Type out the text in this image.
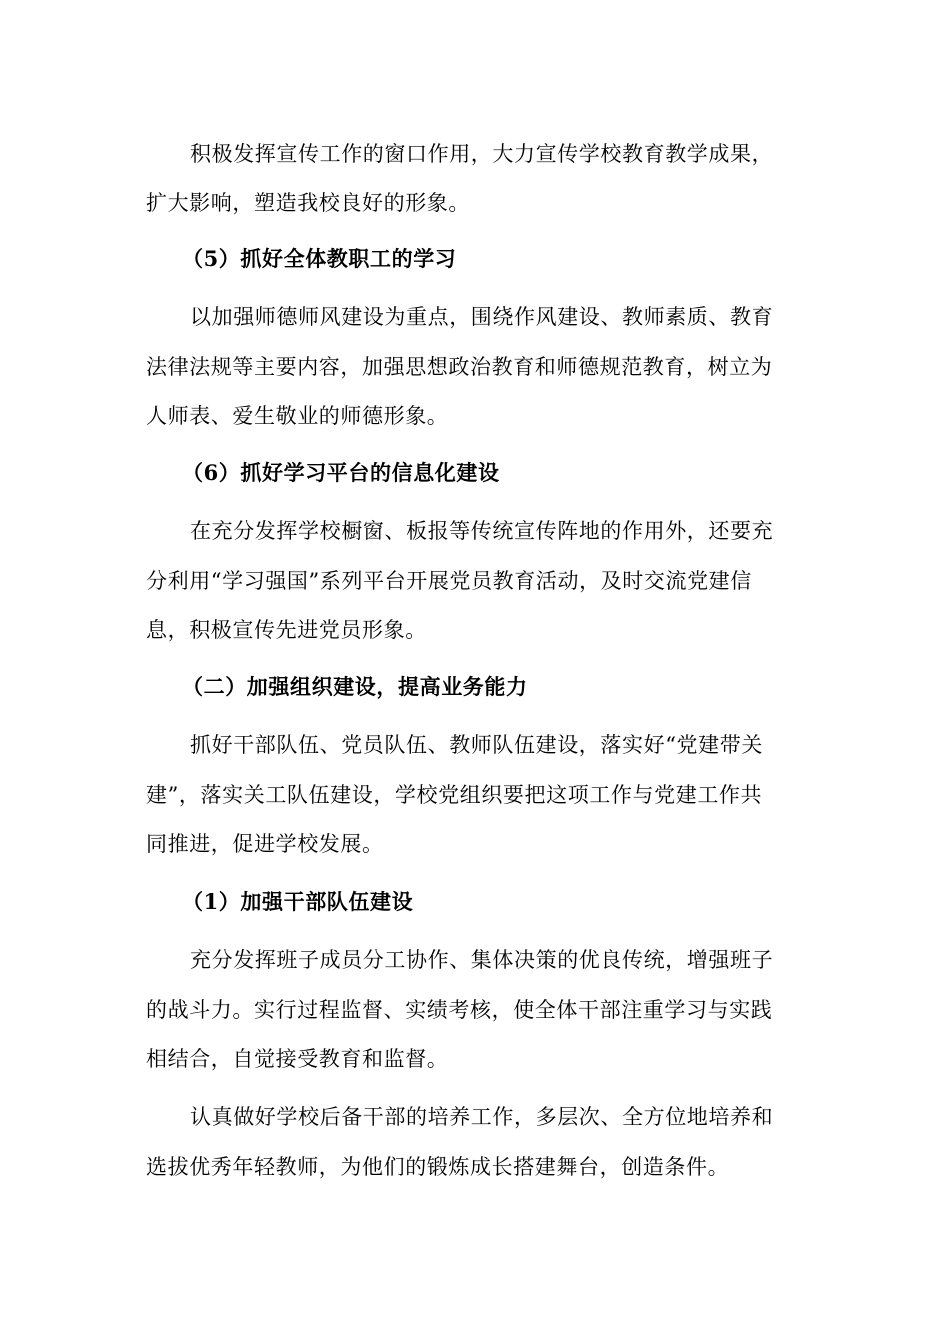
积极发挥宣传工作的窗口作用，大力宣传学校教育教学成果，
扩大影响，塑造我校良好的形象。
（5）抓好全体教职工的学习
以加强师德师风建设为重点，围绕作风建设、教师素质、教育
法律法规等主要内容，加强思想政治教育和师德规范教育，树立为
人师表、爱生敬业的师德形象。
（6）抓好学习平台的信息化建设
在充分发挥学校橱窗、板报等传统宣传阵地的作用外，还要充
分利用“学习强国”系列平台开展党员教育活动，及时交流党建信
息，积极宣传先进党员形象。
（二）加强组织建设，提高业务能力
抓好干部队伍、党员队伍、教师队伍建设，落实好“党建带关
建”，落实关工队伍建设，学校党组织要把这项工作与党建工作共
同推进，促进学校发展。
（1）加强干部队伍建设
充分发挥班子成员分工协作、集体决策的优良传统，增强班子
的战斗力。实行过程监督、实绩考核，使全体干部注重学习与实践
相结合，自觉接受教育和监督。
认真做好学校后备干部的培养工作，多层次、全方位地培养和
选拔优秀年轻教师，为他们的锻炼成长搭建舞台，创造条件。
